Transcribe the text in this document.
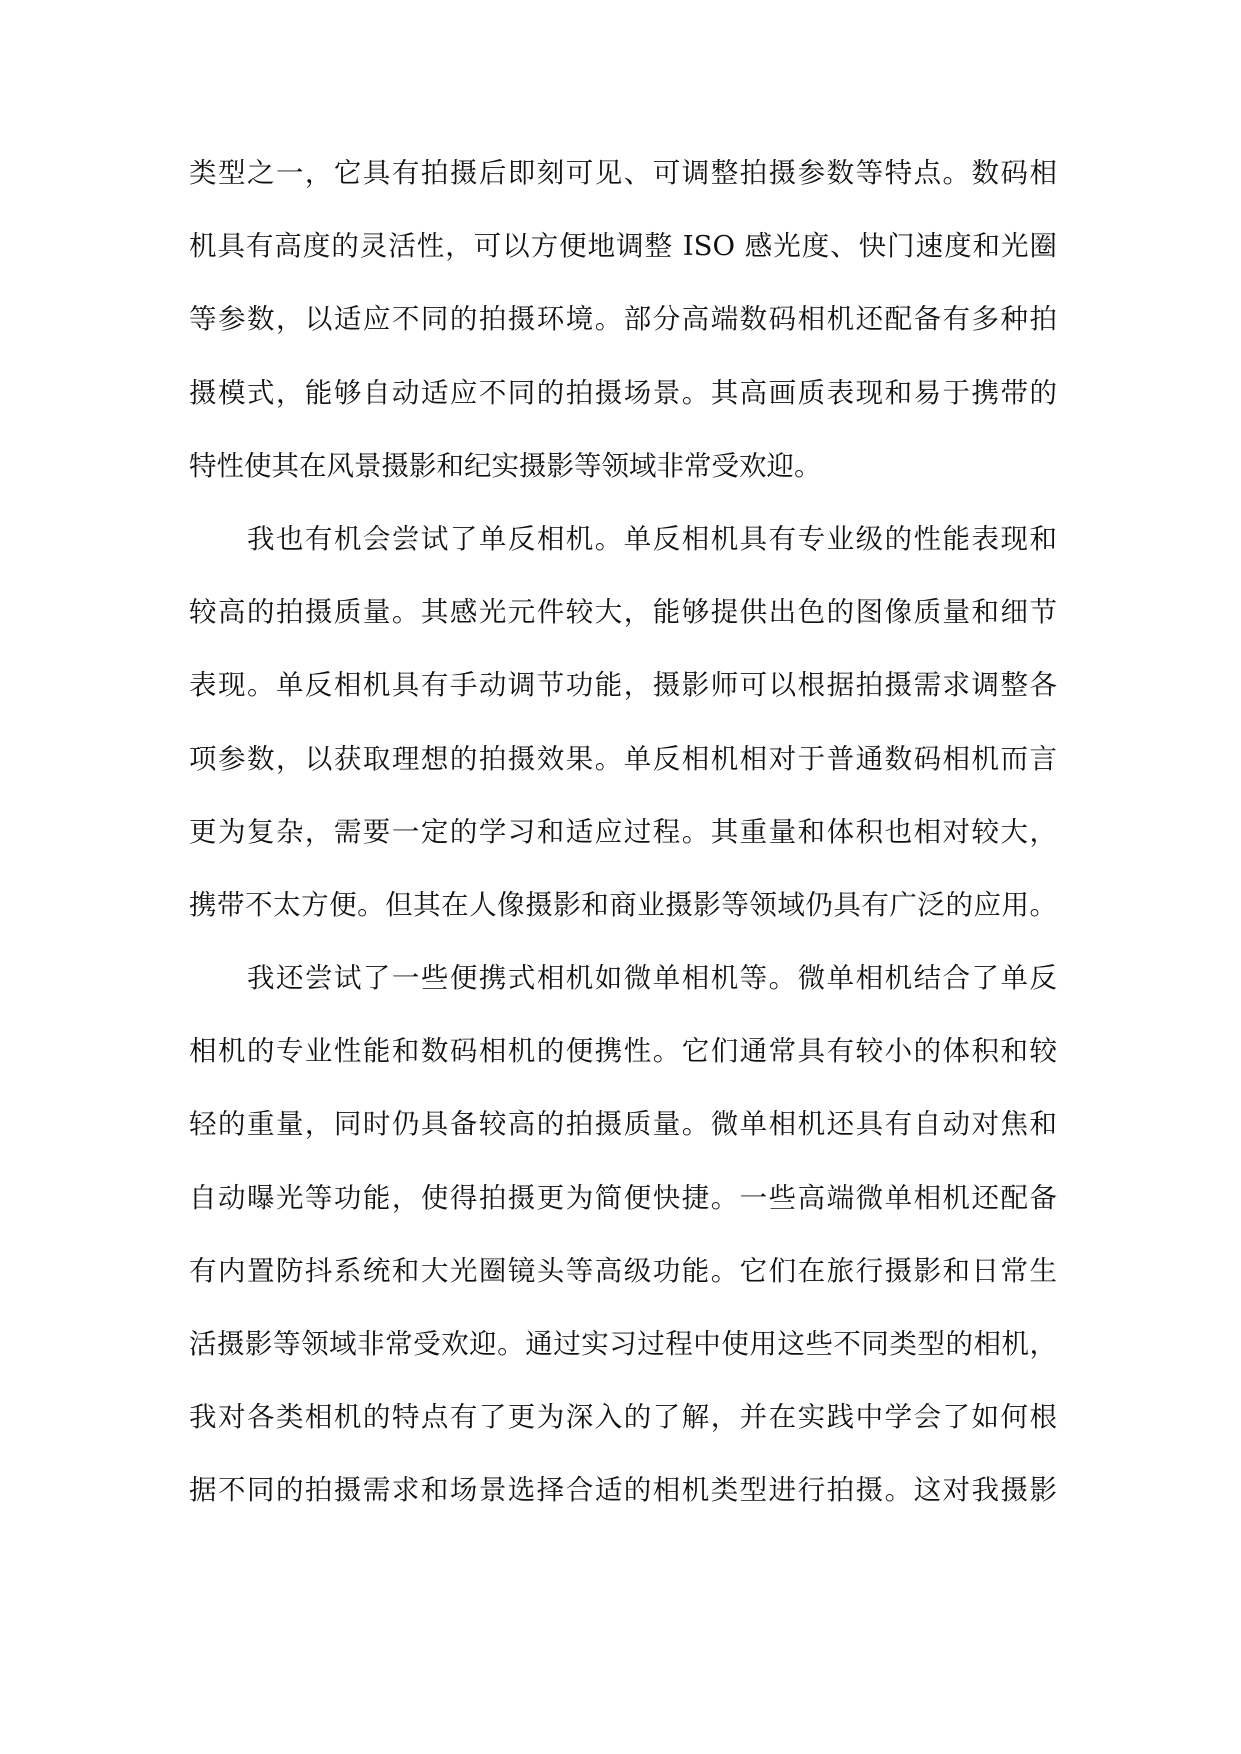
类型之一，它具有拍摄后即刻可见、可调整拍摄参数等特点。数码相
机具有高度的灵活性，可以方便地调整 ISO 感光度、快门速度和光圈
等参数，以适应不同的拍摄环境。部分高端数码相机还配备有多种拍
摄模式，能够自动适应不同的拍摄场景。其高画质表现和易于携带的
特性使其在风景摄影和纪实摄影等领域非常受欢迎。
我也有机会尝试了单反相机。单反相机具有专业级的性能表现和
较高的拍摄质量。其感光元件较大，能够提供出色的图像质量和细节
表现。单反相机具有手动调节功能，摄影师可以根据拍摄需求调整各
项参数，以获取理想的拍摄效果。单反相机相对于普通数码相机而言
更为复杂，需要一定的学习和适应过程。其重量和体积也相对较大，
携带不太方便。但其在人像摄影和商业摄影等领域仍具有广泛的应用。
我还尝试了一些便携式相机如微单相机等。微单相机结合了单反
相机的专业性能和数码相机的便携性。它们通常具有较小的体积和较
轻的重量，同时仍具备较高的拍摄质量。微单相机还具有自动对焦和
自动曝光等功能，使得拍摄更为简便快捷。一些高端微单相机还配备
有内置防抖系统和大光圈镜头等高级功能。它们在旅行摄影和日常生
活摄影等领域非常受欢迎。通过实习过程中使用这些不同类型的相机，
我对各类相机的特点有了更为深入的了解，并在实践中学会了如何根
据不同的拍摄需求和场景选择合适的相机类型进行拍摄。这对我摄影
